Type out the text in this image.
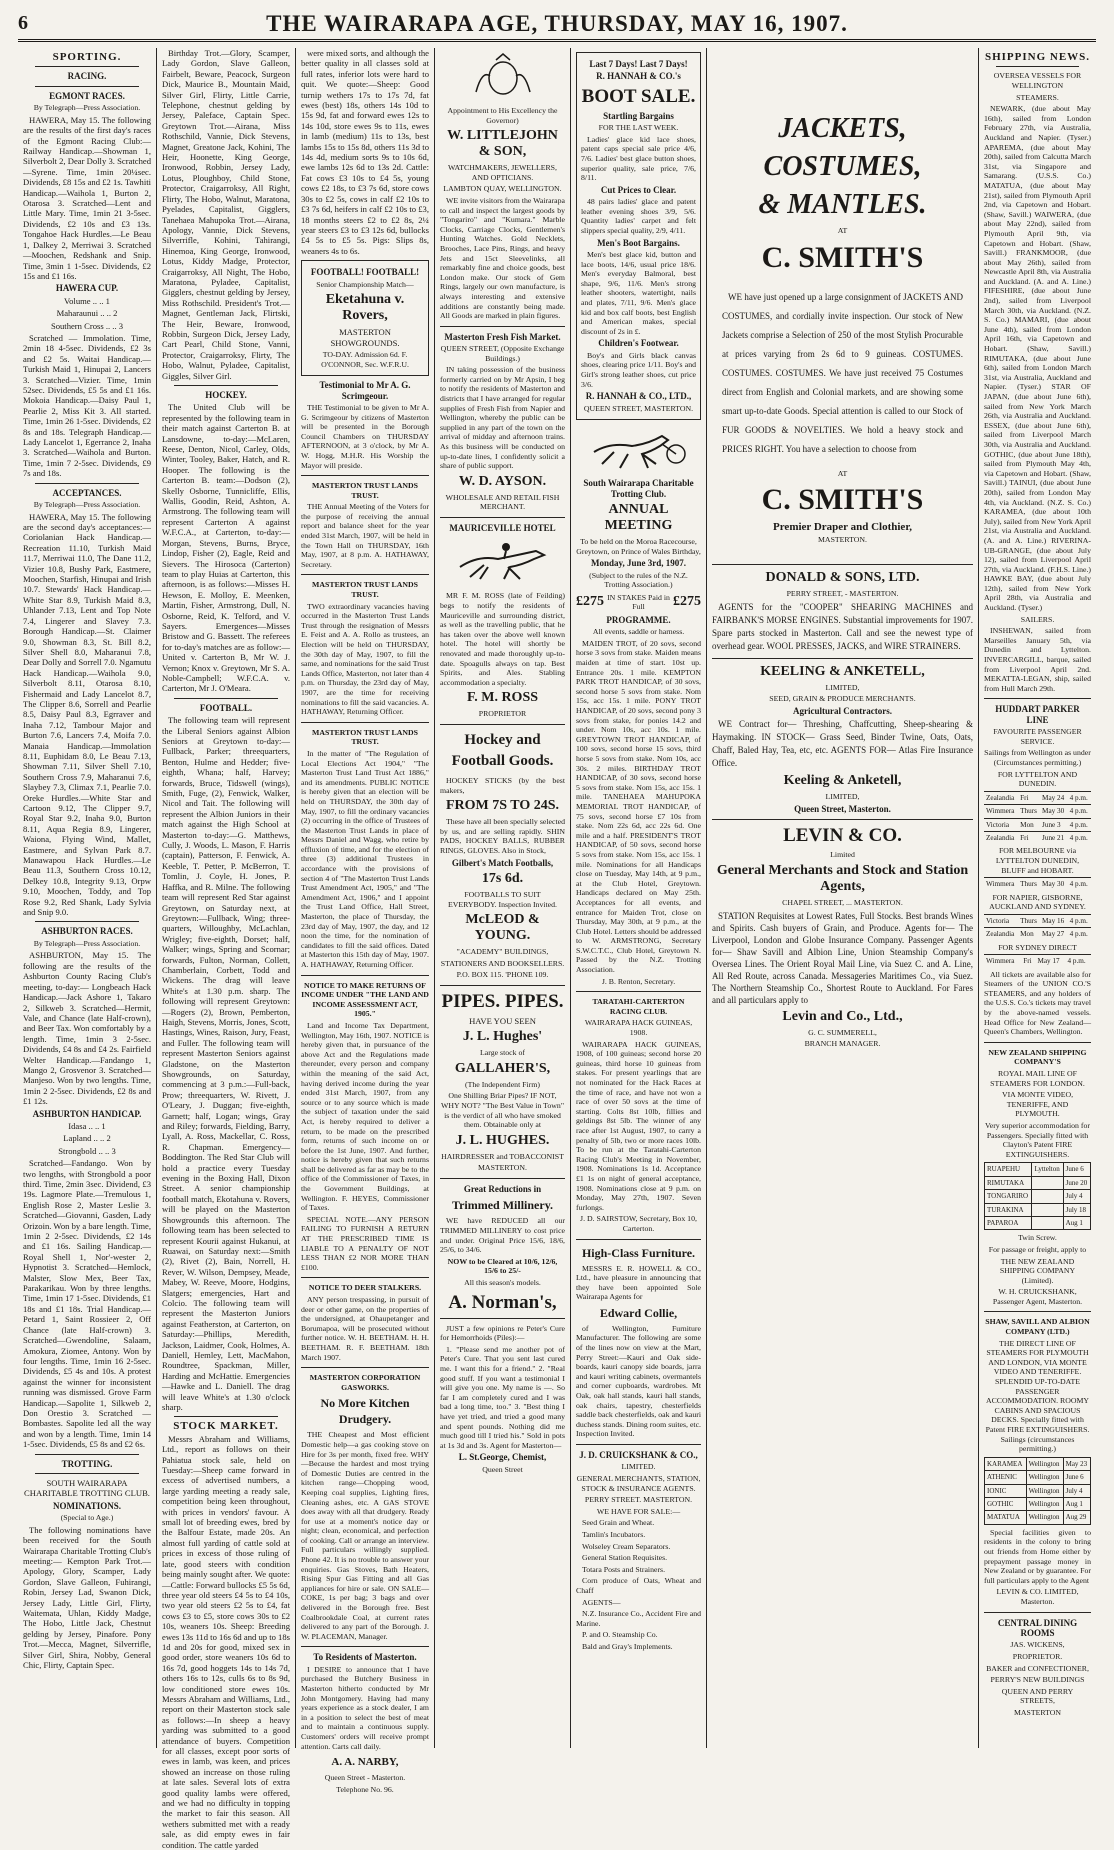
6	THE WAIRARAPA AGE, THURSDAY, MAY 16, 1907.
SPORTING.
RACING.
EGMONT RACES.

By Telegraph—Press Association.

HAWERA, May 15. The following are the results of the first day's races of the Egmont Racing Club:— Railway Handicap.—Showman 1, Silverbolt 2, Dear Dolly 3. Scratched—Syrene. Time, 1min 20¼sec. Dividends, £8 15s and £2 1s. Tawhiti Handicap.—Waihola 1, Burton 2, Otarosa 3. Scratched—Lent and Little Mary. Time, 1min 21 3-5sec. Dividends, £2 10s and £3 13s. Tongahoe Hack Hurdles.—Le Beau 1, Dalkey 2, Merriwai 3. Scratched—Moochen, Redshank and Snip. Time, 3min 1 1-5sec. Dividends, £2 15s and £1 16s.

HAWERA CUP.

Volume .. .. 1

Maharaunui .. .. 2

Southern Cross .. .. 3

Scratched — Immolation. Time, 2min 18 4-5sec. Dividends, £2 3s and £2 5s. Waitai Handicap.—Turkish Maid 1, Hinupai 2, Lancers 3. Scratched—Vizier. Time, 1min 52sec. Dividends, £5 5s and £1 16s. Mokoia Handicap.—Daisy Paul 1, Pearlie 2, Miss Kit 3. All started. Time, 1min 26 1-5sec. Dividends, £2 8s and 18s. Telegraph Handicap.—Lady Lancelot 1, Egerrance 2, Inaha 3. Scratched—Waihola and Burton. Time, 1min 7 2-5sec. Dividends, £9 7s and 18s.

ACCEPTANCES.

By Telegraph—Press Association.

HAWERA, May 15. The following are the second day's acceptances:— Coriolanian Hack Handicap.—Recreation 11.10, Turkish Maid 11.7, Merriwai 11.0, The Dane 11.2, Vizier 10.8, Bushy Park, Eastmere, Moochen, Starfish, Hinupai and Irish 10.7. Stewards' Hack Handicap.—White Star 8.9, Turkish Maid 8.3, Uhlander 7.13, Lent and Top Note 7.4, Lingerer and Slavey 7.3. Borough Handicap.—St. Claimer 9.0, Showman 8.3, St. Bill 8.2, Silver Shell 8.0, Maharanui 7.8, Dear Dolly and Sorrell 7.0. Ngamutu Hack Handicap.—Waihola 9.0, Silverbolt 8.11, Otarosa 8.10, Fishermaid and Lady Lancelot 8.7, The Clipper 8.6, Sorrell and Pearlie 8.5, Daisy Paul 8.3, Egrraver and Inaha 7.12, Tambour Major and Burton 7.6, Lancers 7.4, Moifa 7.0. Manaia Handicap.—Immolation 8.11, Euphidam 8.0, Le Beau 7.13, Showman 7.11, Silver Shell 7.10, Southern Cross 7.9, Maharanui 7.6, Slaybey 7.3, Climax 7.1, Pearlie 7.0. Oreke Hurdles.—White Star and Cartoon 9.12, The Clipper 9.7, Royal Star 9.2, Inaha 9.0, Burton 8.11, Aqua Regia 8.9, Lingerer, Waiona, Flying Wind, Mallet, Eastmere, and Sylvan Park 8.7. Manawapou Hack Hurdles.—Le Beau 11.3, Southern Cross 10.12, Delkey 10.8, Integrity 9.13, Orpw 9.10, Moochen, Toddy, and Top Rose 9.2, Red Shank, Lady Sylvia and Snip 9.0.

ASHBURTON RACES.

By Telegraph—Press Association.

ASHBURTON, May 15. The following are the results of the Ashburton County Racing Club's meeting, to-day:— Longbeach Hack Handicap.—Jack Ashore 1, Takaro 2, Silkweb 3. Scratched—Hermit, Vale, and Chance (late Half-crown), and Beer Tax. Won comfortably by a length. Time, 1min 3 2-5sec. Dividends, £4 8s and £4 2s. Fairfield Welter Handicap.—Fandango 1, Mango 2, Grosvenor 3. Scratched—Manjeso. Won by two lengths. Time, 1min 2 2-5sec. Dividends, £2 8s and £1 12s.

ASHBURTON HANDICAP.

Idasa .. .. 1

Lapland .. .. 2

Strongbold .. .. 3

Scratched—Fandango. Won by two lengths, with Strongbold a poor third. Time, 2min 3sec. Dividend, £3 19s. Lagmore Plate.—Tremulous 1, English Rose 2, Master Leslie 3. Scratched—Giovanni, Gasden, Lady Orizoin. Won by a bare length. Time, 1min 2 2-5sec. Dividends, £2 14s and £1 16s. Sailing Handicap.—Royal Shell 1, Nor'-wester 2, Hypnotist 3. Scratched—Hemlock, Malster, Slow Mex, Beer Tax, Parakarikau. Won by three lengths. Time, 1min 17 1-5sec. Dividends, £1 18s and £1 18s. Trial Handicap.—Petard 1, Saint Rossieer 2, Off Chance (late Half-crown) 3. Scratched—Gwendoline, Salaam, Amokura, Ziomee, Antony. Won by four lengths. Time, 1min 16 2-5sec. Dividends, £5 4s and 10s. A protest against the winner for inconsistent running was dismissed. Grove Farm Handicap.—Sapolite 1, Silkweb 2, Don Orestio 3. Scratched — Bombastes. Sapolite led all the way and won by a length. Time, 1min 14 1-5sec. Dividends, £5 8s and £2 6s.

TROTTING.

SOUTH WAIRARAPA CHARITABLE TROTTING CLUB.

NOMINATIONS.

(Special to Age.)

The following nominations have been received for the South Wairarapa Charitable Trotting Club's meeting:— Kempton Park Trot.—Apology, Glory, Scamper, Lady Gordon, Slave Galleon, Fuhirangi, Robin, Jersey Lad, Swanon Dick, Jersey Lady, Little Girl, Flirty, Waitemata, Uhlan, Kiddy Madge, The Hobo, Little Jack, Chestnut gelding by Jersey, Pinafore. Pony Trot.—Mecca, Magnet, Silverrifle, Silver Girl, Shira, Nobby, General Chic, Flirty, Captain Spec.

Birthday Trot.—Glory, Scamper, Lady Gordon, Slave Galleon, Fairbelt, Beware, Peacock, Surgeon Dick, Maurice B., Mountain Maid, Silver Girl, Flirty, Little Carrie, Telephone, chestnut gelding by Jersey, Paleface, Captain Spec. Greytown Trot.—Airana, Miss Rothschild, Vannie, Dick Stevens, Magnet, Greatone Jack, Kohini, The Heir, Hoonette, King George, Ironwood, Robbin, Jersey Lady, Lotus, Ploughboy, Child Stone, Protector, Craigarroksy, All Right, Flirty, The Hobo, Walnut, Maratona, Pyelades, Capitalist, Gigglers, Tanehaea Mahupoka Trot.—Airana, Apology, Vannie, Dick Stevens, Silverrifle, Kohini, Tahirangi, Hinemoa, King George, Ironwood, Lotus, Kiddy Madge, Protector, Craigarroksy, All Night, The Hobo, Maratona, Pyladee, Capitalist, Gigglers, chestnut gelding by Jersey, Miss Rothschild. President's Trot.—Magnet, Gentleman Jack, Flirtski, The Heir, Beware, Ironwood, Robbin, Surgeon Dick, Jersey Lady, Cart Pearl, Child Stone, Vanni, Protector, Craigarroksy, Flirty, The Hobo, Walnut, Pyladee, Capitalist, Giggles, Silver Girl.

HOCKEY.

The United Club will be represented by the following team in their match against Carterton B. at Lansdowne, to-day:—McLaren, Reese, Denton, Nicol, Carley, Olds, Winter, Tooley, Baker, Hatch, and R. Hooper. The following is the Carterton B. team:—Dodson (2), Skelly Osborne, Tunnicliffe, Ellis, Wallis, Goodin, Reid, Ashton, A. Armstrong. The following team will represent Carterton A against W.F.C.A., at Carterton, to-day:—Morgan, Stevens, Burns, Bryce, Lindop, Fisher (2), Eagle, Reid and Sievers. The Hirosoca (Carterton) team to play Huias at Carterton, this afternoon, is as follows:—Misses H. Hewson, E. Molloy, E. Meenken, Martin, Fisher, Armstrong, Dull, N. Osborne, Reid, K. Telford, and V. Sayers. Emergences—Misses Bristow and G. Bassett. The referees for to-day's matches are as follow:—United v. Carterton B, Mr W. J. Vernon; Knox v. Greytown, Mr S. A. Noble-Campbell; W.F.C.A. v. Carterton, Mr J. O'Meara.

FOOTBALL.

The following team will represent the Liberal Seniors against Albion Seniors at Greytown to-day:—Fullback, Parker; threequarters, Benton, Hulme and Hedder; five-eighth, Whana; half, Harvey; forwards, Bruce, Tidswell (wings), Smith, Fuge, (2), Fenwick, Walker, Nicol and Tait. The following will represent the Albion Juniors in their match against the High School at Masterton to-day:—G. Matthews, Cully, J. Woods, L. Mason, F. Harris (captain), Patterson, F. Fenwick, A. Keeble, T. Petter, P. McBerron, T. Tomlin, J. Coyle, H. Jones, P. Haffka, and R. Milne. The following team will represent Red Star against Greytown, on Saturday next, at Greytown:—Fullback, Wing; three-quarters, Willoughby, McLachlan, Wrigley; five-eighth, Dorset; half, Walker; wings, Spring and Scornar; forwards, Fulton, Norman, Collett, Chamberlain, Corbett, Todd and Wickens. The drag will leave White's at 1.30 p.m. sharp. The following will represent Greytown:—Rogers (2), Brown, Pemberton, Haigh, Stevens, Morris, Jones, Scott, Hastings, Wines, Raison, Jury, Feast, and Fuller. The following team will represent Masterton Seniors against Gladstone, on the Masterton Showgrounds, on Saturday, commencing at 3 p.m.:—Full-back, Prow; threequarters, W. Rivett, J. O'Leary, J. Duggan; five-eighth, Garnett; half, Logan; wings, Gray and Riley; forwards, Fielding, Barry, Lyall, A. Ross, Mackellar, C. Ross, R. Chapman. Emergency—Boddington. The Red Star Club will hold a practice every Tuesday evening in the Boxing Hall, Dixon Street. A senior championship football match, Ekotahuna v. Rovers, will be played on the Masterton Showgrounds this afternoon. The following team has been selected to represent Kourii against Hukanui, at Ruawai, on Saturday next:—Smith (2), Rivet (2), Bain, Norrell, H. Rever, W. Wilson, Dempsey, Meade, Mabey, W. Reeve, Moore, Hodgins, Slatgers; emergencies, Hart and Colcio. The following team will represent the Masterton Juniors against Featherston, at Carterton, on Saturday:—Phillips, Meredith, Jackson, Laidmer, Cook, Holmes, A. Daniell, Hemley, Lett, MacMahon, Roundtree, Spackman, Miller, Harding and McHattie. Emergencies—Hawke and L. Daniell. The drag will leave White's at 1.30 o'clock sharp.

STOCK MARKET.

Messrs Abraham and Williams, Ltd., report as follows on their Pahiatua stock sale, held on Tuesday:—Sheep came forward in excess of advertised numbers, a large yarding meeting a ready sale, competition being keen throughout, with prices in vendors' favour. A small lot of breeding ewes, bred by the Balfour Estate, made 20s. An almost full yarding of cattle sold at prices in excess of those ruling of late, good steers with condition being mainly sought after. We quote:—Cattle: Forward bullocks £5 5s 6d, three year old steers £4 5s to £4 10s, two year old steers £2 5s to £4, fat cows £3 to £5, store cows 30s to £2 10s, weaners 10s. Sheep: Breeding ewes 13s 11d to 16s 6d and up to 18s 1d and 20s for good, mixed sex in good order, store weaners 10s 6d to 16s 7d, good hoggets 14s to 14s 7d, others 16s to 12s, culls 6s to 8s 9d, low conditioned store ewes 10s. Messrs Abraham and Williams, Ltd., report on their Masterton stock sale as follows:—In sheep a heavy yarding was submitted to a good attendance of buyers. Competition for all classes, except poor sorts of ewes in lamb, was keen, and prices showed an increase on those ruling at late sales. Several lots of extra good quality lambs were offered, and we had no difficulty in topping the market to fair this season. All wethers submitted met with a ready sale, as did empty ewes in fair condition. The cattle yarded

were mixed sorts, and although the better quality in all classes sold at full rates, inferior lots were hard to quit. We quote:—Sheep: Good turnip wethers 17s to 17s 7d, fat ewes (best) 18s, others 14s 10d to 15s 9d, fat and forward ewes 12s to 14s 10d, store ewes 9s to 11s, ewes in lamb (medium) 11s to 13s, best lambs 15s to 15s 8d, others 11s 3d to 14s 4d, medium sorts 9s to 10s 6d, ewe lambs 12s 6d to 13s 2d. Cattle: Fat cows £3 10s to £4 5s, young cows £2 18s, to £3 7s 6d, store cows 30s to £2 5s, cows in calf £2 10s to £3 7s 6d, heifers in calf £2 10s to £3, 18 months steers £2 to £2 8s, 2¼ year steers £3 to £3 12s 6d, bullocks £4 5s to £5 5s. Pigs: Slips 8s, weaners 4s to 6s.

FOOTBALL! FOOTBALL!

Senior Championship Match—

Eketahuna v. Rovers,

MASTERTON SHOWGROUNDS.

TO-DAY. Admission 6d. F. O'CONNOR, Sec. W.F.R.U.

Testimonial to Mr A. G. Scrimgeour.

THE Testimonial to be given to Mr A. G. Scrimgeour by citizens of Masterton will be presented in the Borough Council Chambers on THURSDAY AFTERNOON, at 3 o'clock, by Mr A. W. Hogg, M.H.R. His Worship the Mayor will preside.

MASTERTON TRUST LANDS TRUST.

THE Annual Meeting of the Voters for the purpose of receiving the annual report and balance sheet for the year ended 31st March, 1907, will be held in the Town Hall on THURSDAY, 16th May, 1907, at 8 p.m. A. HATHAWAY, Secretary.

MASTERTON TRUST LANDS TRUST.

TWO extraordinary vacancies having occurred in the Masterton Trust Lands Trust through the resignation of Messrs E. Feist and A. A. Rollo as trustees, an Election will be held on THURSDAY, the 30th day of May, 1907, to fill the same, and nominations for the said Trust Lands Office, Masterton, not later than 4 p.m. on Thursday, the 23rd day of May, 1907, are the time for receiving nominations to fill the said vacancies. A. HATHAWAY, Returning Officer.

MASTERTON TRUST LANDS TRUST.

In the matter of "The Regulation of Local Elections Act 1904," "The Masterton Trust Land Trust Act 1886," and its amendments. PUBLIC NOTICE is hereby given that an election will be held on THURSDAY, the 30th day of May, 1907, to fill the ordinary vacancies (2) occurring in the office of Trustees of the Masterton Trust Lands in place of Messrs Daniel and Wagg, who retire by effluxion of time, and for the election of three (3) additional Trustees in accordance with the provisions of section 4 of "The Masterton Trust Lands Trust Amendment Act, 1905," and "The Amendment Act, 1906," and I appoint the Trust Land Office, Hall Street, Masterton, the place of Thursday, the 23rd day of May, 1907, the day, and 12 noon the time, for the nomination of candidates to fill the said offices. Dated at Masterton this 15th day of May, 1907. A. HATHAWAY, Returning Officer.

NOTICE TO MAKE RETURNS OF INCOME UNDER "THE LAND AND INCOME ASSESSMENT ACT, 1905."

Land and Income Tax Department, Wellington, May 16th, 1907. NOTICE is hereby given that, in pursuance of the above Act and the Regulations made thereunder, every person and company within the meaning of the said Act, having derived income during the year ended 31st March, 1907, from any source or to any source which is made the subject of taxation under the said Act, is hereby required to deliver a return, to be made on the prescribed form, returns of such income on or before the 1st June, 1907. And further, notice is hereby given that such returns shall be delivered as far as may be to the office of the Commissioner of Taxes, in the Government Buildings, at Wellington. F. HEYES, Commissioner of Taxes.

SPECIAL NOTE.—ANY PERSON FAILING TO FURNISH A RETURN AT THE PRESCRIBED TIME IS LIABLE TO A PENALTY OF NOT LESS THAN £2 NOR MORE THAN £100.

NOTICE TO DEER STALKERS.

ANY person trespassing, in pursuit of deer or other game, on the properties of the undersigned, at Ohaupetanger and Borumapoa, will be prosecuted without further notice. W. H. BEETHAM. H. H. BEETHAM. R. F. BEETHAM. 18th March 1907.

MASTERTON CORPORATION GASWORKS.
No More Kitchen Drudgery.

THE Cheapest and Most efficient Domestic help—a gas cooking stove on Hire for 3s per month, fixed free. WHY—Because the hardest and most trying of Domestic Duties are centred in the kitchen range—Chopping wood, Keeping coal supplies, Lighting fires, Cleaning ashes, etc. A GAS STOVE does away with all that drudgery. Ready for use at a moment's notice day or night; clean, economical, and perfection of cooking. Call or arrange an interview. Full particulars willingly supplied. Phone 42. It is no trouble to answer your enquiries. Gas Stoves, Bath Heaters, Rising Spur Gas Fitting and all Gas appliances for hire or sale. ON SALE—COKE, 1s per bag; 3 bags and over delivered in the Borough free. Best Coalbrookdale Coal, at current rates delivered to any part of the Borough. J. W. PLACEMAN, Manager.

To Residents of Masterton.

I DESIRE to announce that I have purchased the Butchery Business in Masterton hitherto conducted by Mr John Montgomery. Having had many years experience as a stock dealer, I am in a position to select the best of meat and to maintain a continuous supply. Customers' orders will receive prompt attention. Carts call daily.

A. A. NARBY,

Queen Street - Masterton.

Telephone No. 96.

Appointment to His Excellency the Governor)

W. LITTLEJOHN & SON,

WATCHMAKERS, JEWELLERS, AND OPTICIANS.

LAMBTON QUAY, WELLINGTON.

WE invite visitors from the Wairarapa to call and inspect the largest goods by "Tongariro" and "Kumara." Marble Clocks, Carriage Clocks, Gentlemen's Hunting Watches. Gold Necklets, Brooches, Lace Pins, Rings, and heavy Jets and 15ct Sleevelinks, all remarkably fine and choice goods, best London make. Our stock of Gem Rings, largely our own manufacture, is always interesting and extensive additions are constantly being made. All Goods are marked in plain figures.

Masterton Fresh Fish Market.

QUEEN STREET, (Opposite Exchange Buildings.)

IN taking possession of the business formerly carried on by Mr Apsin, I beg to notify the residents of Masterton and districts that I have arranged for regular supplies of Fresh Fish from Napier and Wellington, whereby the public can be supplied in any part of the town on the arrival of midday and afternoon trains. As this business will be conducted on up-to-date lines, I confidently solicit a share of public support.

W. D. AYSON.

WHOLESALE AND RETAIL FISH MERCHANT.

MAURICEVILLE HOTEL

MR F. M. ROSS (late of Feilding) begs to notify the residents of Mauriceville and surrounding district, as well as the travelling public, that he has taken over the above well known hotel. The hotel will shortly be renovated and made thoroughly up-to-date. Spoagulls always on tap. Best Spirits, and Ales. Stabling accommodation a specialty.

F. M. ROSS

PROPRIETOR

Hockey and Football Goods.

HOCKEY STICKS (by the best makers,

FROM 7S TO 24S.

These have all been specially selected by us, and are selling rapidly. SHIN PADS, HOCKEY BALLS, RUBBER RINGS, GLOVES. Also in Stock,

Gilbert's Match Footballs,
17s 6d.

FOOTBALLS TO SUIT EVERYBODY. Inspection Invited.

McLEOD & YOUNG.

"ACADEMY" BUILDINGS,

STATIONERS AND BOOKSELLERS.

P.O. BOX 115. 'PHONE 109.

PIPES. PIPES.

HAVE YOU SEEN

J. L. Hughes'

Large stock of

GALLAHER'S,

(The Independent Firm)

One Shilling Briar Pipes? IF NOT, WHY NOT? "The Best Value in Town" is the verdict of all who have smoked them. Obtainable only at

J. L. HUGHES.

HAIRDRESSER and TOBACCONIST

MASTERTON.

Great Reductions in
Trimmed Millinery.

WE have REDUCED all our TRIMMED MILLINERY to cost price and under. Original Price 15/6, 18/6, 25/6, to 34/6.

NOW to be Cleared at 10/6, 12/6, 15/6 to 25/-

All this season's models.

A. Norman's,

JUST a few opinions re Peter's Cure for Hemorrhoids (Piles):—

1. "Please send me another pot of Peter's Cure. That you sent last cured me. I want this for a friend." 2. "Real good stuff. If you want a testimonial I will give you one. My name is —. So far I am completely cured and I was bad a long time, too." 3. "Best thing I have yet tried, and tried a good many and spent pounds. Nothing did me much good till I tried his." Sold in pots at 1s 3d and 3s. Agent for Masterton—

L. St.George, Chemist,

Queen Street

Last 7 Days! Last 7 Days!
R. HANNAH & CO.'s
BOOT SALE.
Startling Bargains

FOR THE LAST WEEK.

Ladies' glace kid lace shoes, patent caps special sale price 4/6, 7/6. Ladies' best glace button shoes, superior quality, sale price, 7/6, 8/11.

Cut Prices to Clear.

48 pairs ladies' glace and patent leather evening shoes 3/9, 5/6. Quantity ladies' carpet and felt slippers special quality, 2/9, 4/11.

Men's Boot Bargains.

Men's best glace kid, button and lace boots, 14/6, usual price 18/6. Men's everyday Balmoral, best shape, 9/6, 11/6. Men's strong leather shooters, watertight, nails and plates, 7/11, 9/6. Men's glace kid and box calf boots, best English and American makes, special discount of 2s in £.

Children's Footwear.

Boy's and Girls black canvas shoes, clearing price 1/11. Boy's and Girl's strong leather shoes, cut price 3/6.

R. HANNAH & CO., LTD.,

QUEEN STREET, MASTERTON.

South Wairarapa Charitable Trotting Club.
ANNUAL MEETING

To be held on the Moroa Racecourse, Greytown, on Prince of Wales Birthday,

Monday, June 3rd, 1907.

(Subject to the rules of the N.Z. Trotting Association.)

£275 IN STAKES Paid in Full	£275
PROGRAMME.

All events, saddle or harness.

MAIDEN TROT, of 20 sovs, second horse 3 sovs from stake. Maiden means maiden at time of start. 10st up. Entrance 20s. 1 mile. KEMPTON PARK TROT HANDICAP, of 30 sovs, second horse 5 sovs from stake. Nom 15s, acc 15s. 1 mile. PONY TROT HANDICAP, of 20 sovs, second pony 3 sovs from stake, for ponies 14.2 and under. Nom 10s, acc 10s. 1 mile. GREYTOWN TROT HANDICAP, of 100 sovs, second horse 15 sovs, third horse 5 sovs from stake. Nom 10s, acc 30s. 2 miles. BIRTHDAY TROT HANDICAP, of 30 sovs, second horse 5 sovs from stake. Nom 15s, acc 15s. 1 mile. TANEHAEA MAHUPOKA MEMORIAL TROT HANDICAP, of 75 sovs, second horse £7 10s from stake. Nom 22s 6d, acc 22s 6d. One mile and a half. PRESIDENT'S TROT HANDICAP, of 50 sovs, second horse 5 sovs from stake. Nom 15s, acc 15s. 1 mile. Nominations for all Handicaps close on Tuesday, May 14th, at 9 p.m., at the Club Hotel, Greytown. Handicaps declared on May 25th. Acceptances for all events, and entrance for Maiden Trot, close on Thursday, May 30th, at 9 p.m., at the Club Hotel. Letters should be addressed to W. ARMSTRONG, Secretary S.W.C.T.C., Club Hotel, Greytown N. Passed by the N.Z. Trotting Association.

J. B. Renton, Secretary.

TARATAHI-CARTERTON RACING CLUB.

WAIRARAPA HACK GUINEAS, 1908.

WAIRARAPA HACK GUINEAS, 1908, of 100 guineas; second horse 20 guineas, third horse 10 guineas from stakes. For present yearlings that are not nominated for the Hack Races at the time of race, and have not won a race of over 50 sovs at the time of starting. Colts 8st 10lb, fillies and geldings 8st 5lb. The winner of any race after 1st August, 1907, to carry a penalty of 5lb, two or more races 10lb. To be run at the Taratahi-Carterton Racing Club's Meeting in November, 1908. Nominations 1s 1d. Acceptance £1 1s on night of general acceptance, 1908. Nominations close at 9 p.m. on Monday, May 27th, 1907. Seven furlongs.

J. D. SAIRSTOW, Secretary, Box 10, Carterton.

High-Class Furniture.

MESSRS E. R. HOWELL & CO., Ltd., have pleasure in announcing that they have been appointed Sole Wairarapa Agents for

Edward Collie,

of Wellington, Furniture Manufacturer. The following are some of the lines now on view at the Mart, Perry Street:—Kauri and Oak side-boards, kauri canopy side boards, jarra and kauri writing cabinets, overmantels and corner cupboards, wardrobes. Mt Oak, oak hall stands, kauri hall stands, oak chairs, tapestry, chesterfields saddle back chesterfields, oak and kauri duchess stands. Dining room suites, etc. Inspection Invited.

J. D. CRUICKSHANK & CO.,

LIMITED.

GENERAL MERCHANTS, STATION, STOCK & INSURANCE AGENTS.

PERRY STREET. MASTERTON.

WE HAVE FOR SALE:—

Seed Grain and Wheat.

Tamlin's Incubators.

Wolseley Cream Separators.

General Station Requisites.

Totara Posts and Strainers.

Corn produce of Oats, Wheat and Chaff

AGENTS—

N.Z. Insurance Co., Accident Fire and Marine.

P. and O. Steamship Co.

Bald and Gray's Implements.

JACKETS,
COSTUMES,
& MANTLES.

AT

C. SMITH'S

WE have just opened up a large consignment of JACKETS AND COSTUMES, and cordially invite inspection. Our stock of New Jackets comprise a Selection of 250 of the most Stylish Procurable at prices varying from 2s 6d to 9 guineas. COSTUMES. COSTUMES. COSTUMES. We have just received 75 Costumes direct from English and Colonial markets, and are showing some smart up-to-date Goods. Special attention is called to our Stock of FUR GOODS & NOVELTIES. We hold a heavy stock and PRICES RIGHT. You have a selection to choose from

AT

C. SMITH'S
Premier Draper and Clothier,

MASTERTON.

DONALD & SONS, LTD.

PERRY STREET, - MASTERTON.

AGENTS for the "COOPER" SHEARING MACHINES and FAIRBANK'S MORSE ENGINES. Substantial improvements for 1907. Spare parts stocked in Masterton. Call and see the newest type of overhead gear. WOOL PRESSES, JACKS, and WIRE STRAINERS.

KEELING & ANKETELL,

LIMITED,

SEED, GRAIN & PRODUCE MERCHANTS.

Agricultural Contractors.

WE Contract for— Threshing, Chaffcutting, Sheep-shearing & Haymaking. IN STOCK— Grass Seed, Binder Twine, Oats, Oats, Chaff, Baled Hay, Tea, etc, etc. AGENTS FOR— Atlas Fire Insurance Office.

Keeling & Anketell,

LIMITED,

Queen Street, Masterton.
LEVIN & CO.

Limited

General Merchants and Stock and Station Agents,

CHAPEL STREET, ... MASTERTON.

STATION Requisites at Lowest Rates, Full Stocks. Best brands Wines and Spirits. Cash buyers of Grain, and Produce. Agents for— The Liverpool, London and Globe Insurance Company. Passenger Agents for— Shaw Savill and Albion Line, Union Steamship Company's Oversea Lines. The Orient Royal Mail Line, via Suez C. and A. Line, All Red Route, across Canada. Messageries Maritimes Co., via Suez. The Northern Steamship Co., Shortest Route to Auckland. For Fares and all particulars apply to

Levin and Co., Ltd.,

G. C. SUMMERELL,

BRANCH MANAGER.

SHIPPING NEWS.

OVERSEA VESSELS FOR WELLINGTON

STEAMERS.

NEWARK, (due about May 16th), sailed from London February 27th, via Australia, Auckland and Napier. (Tyser.) APAREMA, (due about May 20th), sailed from Calcutta March 31st, via Singapore and Samarang. (U.S.S. Co.) MATATUA, (due about May 21st), sailed from Plymouth April 2nd, via Capetown and Hobart. (Shaw, Savill.) WAIWERA, (due about May 22nd), sailed from Plymouth April 9th, via Capetown and Hobart. (Shaw, Savill.) FRANKMOOR, (due about May 26th), sailed from Newcastle April 8th, via Australia and Auckland. (A. and A. Line.) FIFESHIRE, (due about June 2nd), sailed from Liverpool March 30th, via Auckland. (N.Z. S. Co.) MAMARI, (due about June 4th), sailed from London April 16th, via Capetown and Hobart. (Shaw, Savill.) RIMUTAKA, (due about June 6th), sailed from London March 31st, via Australia, Auckland and Napier. (Tyser.) STAR OF JAPAN, (due about June 6th), sailed from New York March 26th, via Australia and Auckland. ESSEX, (due about June 6th), sailed from Liverpool March 30th, via Australia and Auckland. GOTHIC, (due about June 18th), sailed from Plymouth May 4th, via Capetown and Hobart. (Shaw, Savill.) TAINUI, (due about June 20th), sailed from London May 4th, via Auckland. (N.Z. S. Co.) KARAMEA, (due about 10th July), sailed from New York April 21st, via Australia and Auckland. (A. and A. Line.) RIVERINA-UB-GRANGE, (due about July 12), sailed from Liverpool April 27th, via Auckland. (F.H.S. Line.) HAWKE BAY, (due about July 12th), sailed from New York April 28th, via Australia and Auckland. (Tyser.)

SAILERS.

INSHEWAN, sailed from Marseilles January 5th, via Dunedin and Lyttelton. INVERCARGILL, barque, sailed from Liverpool April 2nd. MEKATTA-LEGAN, ship, sailed from Hull March 29th.

HUDDART PARKER LINE

FAVOURITE PASSENGER SERVICE.

Sailings from Wellington as under (Circumstances permitting.)

FOR LYTTELTON AND DUNEDIN.

Zealandia	Fri	May 24	4 p.m.
Wimmera	Thurs	May 30	4 p.m.
Victoria	Mon	June 3	4 p.m.
Zealandia	Fri	June 21	4 p.m.

FOR MELBOURNE via LYTTELTON DUNEDIN, BLUFF and HOBART.

Wimmera	Thurs	May 30	4 p.m.

FOR NAPIER, GISBORNE, AUCKLAND AND SYDNEY.

Victoria	Thurs	May 16	4 p.m.
Zealandia	Mon	May 27	4 p.m.

FOR SYDNEY DIRECT

Wimmera	Fri	May 17	4 p.m.

All tickets are available also for Steamers of the UNION CO.'S STEAMERS, and any holders of the U.S.S. Co.'s tickets may travel by the above-named vessels. Head Office for New Zealand—Queen's Chambers, Wellington.

NEW ZEALAND SHIPPING COMPANY'S

ROYAL MAIL LINE OF STEAMERS FOR LONDON.

VIA MONTE VIDEO, TENERIFFE, AND PLYMOUTH.

Very superior accommodation for Passengers. Specially fitted with Clayton's Patent FIRE EXTINGUISHERS.

RUAPEHU	Lyttelton	June 6
RIMUTAKA		June 20
TONGARIRO		July 4
TURAKINA		July 18
PAPAROA		Aug 1

Twin Screw.

For passage or freight, apply to

THE NEW ZEALAND SHIPPING COMPANY (Limited).

W. H. CRUICKSHANK, Passenger Agent, Masterton.

SHAW, SAVILL AND ALBION COMPANY (LTD.)

THE DIRECT LINE OF STEAMERS FOR PLYMOUTH AND LONDON, VIA MONTE VIDEO AND TENERIFFE. SPLENDID UP-TO-DATE PASSENGER ACCOMMODATION. ROOMY CABINS AND SPACIOUS DECKS. Specially fitted with Patent FIRE EXTINGUISHERS. Sailings (circumstances permitting.)

KARAMEA	Wellington	May 23
ATHENIC	Wellington	June 6
IONIC	Wellington	July 4
GOTHIC	Wellington	Aug 1
MATATUA	Wellington	Aug 29

Special facilities given to residents in the colony to bring out friends from Home either by prepayment passage money in New Zealand or by guarantee. For full particulars apply to the Agent

LEVIN & CO. LIMITED, Masterton.

CENTRAL DINING ROOMS

JAS. WICKENS,

PROPRIETOR.

BAKER and CONFECTIONER,

PERRY'S NEW BUILDINGS

QUEEN AND PERRY STREETS,

MASTERTON
